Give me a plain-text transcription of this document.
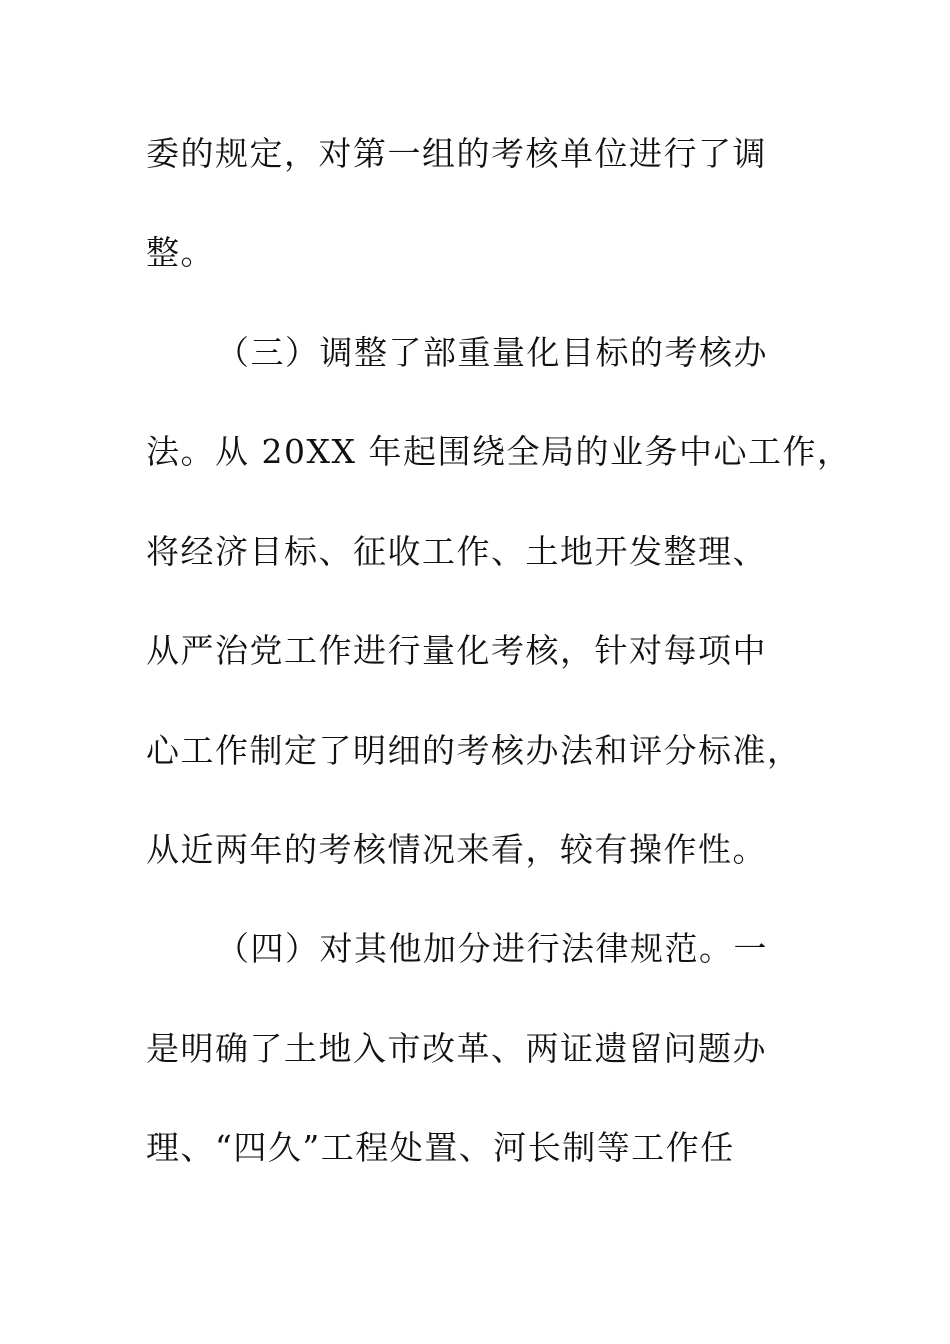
委的规定，对第一组的考核单位进行了调
整。
（三）调整了部重量化目标的考核办
法。从 20XX 年起围绕全局的业务中心工作，
将经济目标、征收工作、土地开发整理、
从严治党工作进行量化考核，针对每项中
心工作制定了明细的考核办法和评分标准，
从近两年的考核情况来看，较有操作性。
（四）对其他加分进行法律规范。一
是明确了土地入市改革、两证遗留问题办
理、“四久”工程处置、河长制等工作任
